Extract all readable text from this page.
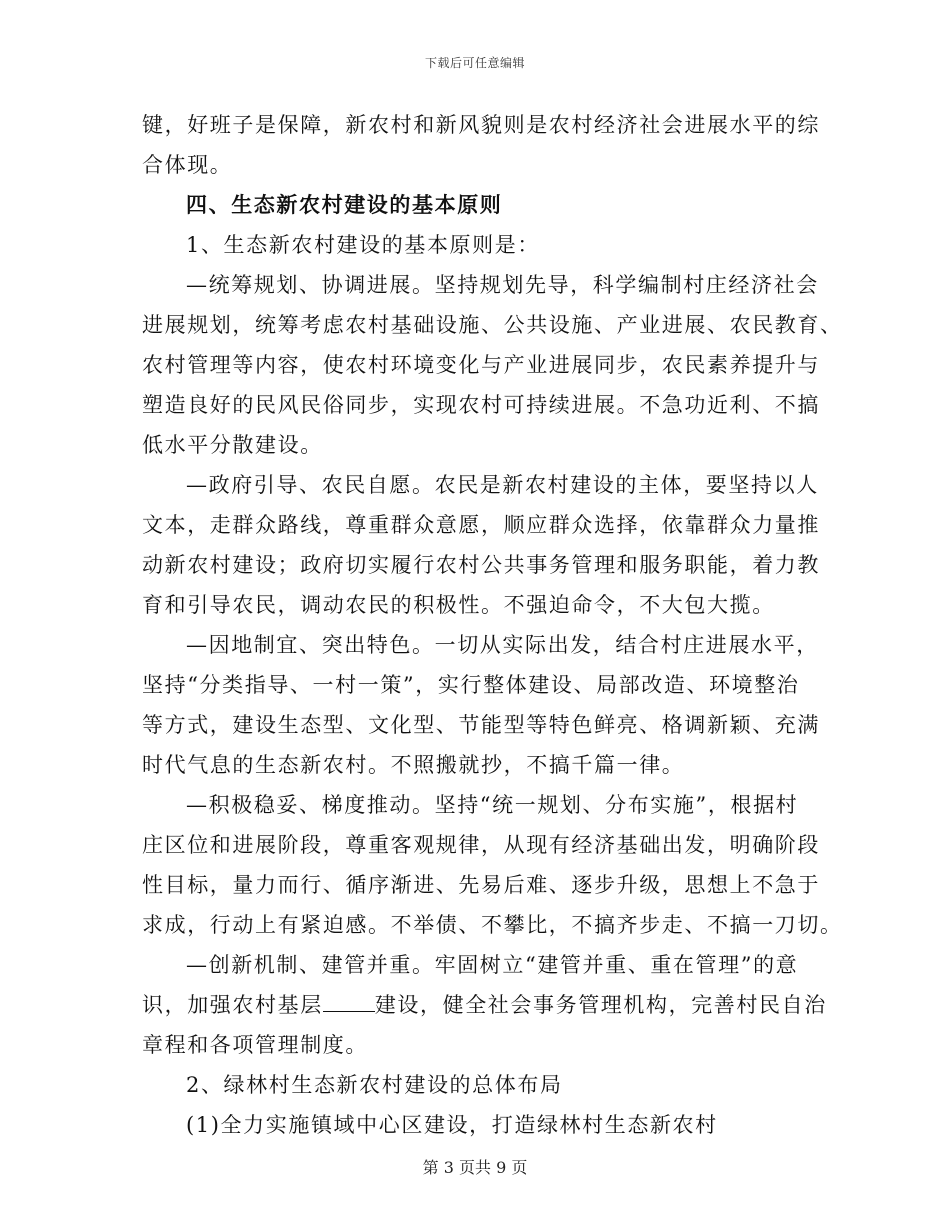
下载后可任意编辑
键，好班子是保障，新农村和新风貌则是农村经济社会进展水平的综
合体现。
四、生态新农村建设的基本原则
1、生态新农村建设的基本原则是：
—统筹规划、协调进展。坚持规划先导，科学编制村庄经济社会
进展规划，统筹考虑农村基础设施、公共设施、产业进展、农民教育、
农村管理等内容，使农村环境变化与产业进展同步，农民素养提升与
塑造良好的民风民俗同步，实现农村可持续进展。不急功近利、不搞
低水平分散建设。
—政府引导、农民自愿。农民是新农村建设的主体，要坚持以人
文本，走群众路线，尊重群众意愿，顺应群众选择，依靠群众力量推
动新农村建设；政府切实履行农村公共事务管理和服务职能，着力教
育和引导农民，调动农民的积极性。不强迫命令，不大包大揽。
—因地制宜、突出特色。一切从实际出发，结合村庄进展水平，
坚持“分类指导、一村一策”，实行整体建设、局部改造、环境整治
等方式，建设生态型、文化型、节能型等特色鲜亮、格调新颖、充满
时代气息的生态新农村。不照搬就抄，不搞千篇一律。
—积极稳妥、梯度推动。坚持“统一规划、分布实施”，根据村
庄区位和进展阶段，尊重客观规律，从现有经济基础出发，明确阶段
性目标，量力而行、循序渐进、先易后难、逐步升级，思想上不急于
求成，行动上有紧迫感。不举债、不攀比，不搞齐步走、不搞一刀切。
—创新机制、建管并重。牢固树立“建管并重、重在管理”的意
识，加强农村基层 建设，健全社会事务管理机构，完善村民自治
章程和各项管理制度。
2、绿林村生态新农村建设的总体布局
(1)全力实施镇域中心区建设，打造绿林村生态新农村
第 3 页共 9 页
